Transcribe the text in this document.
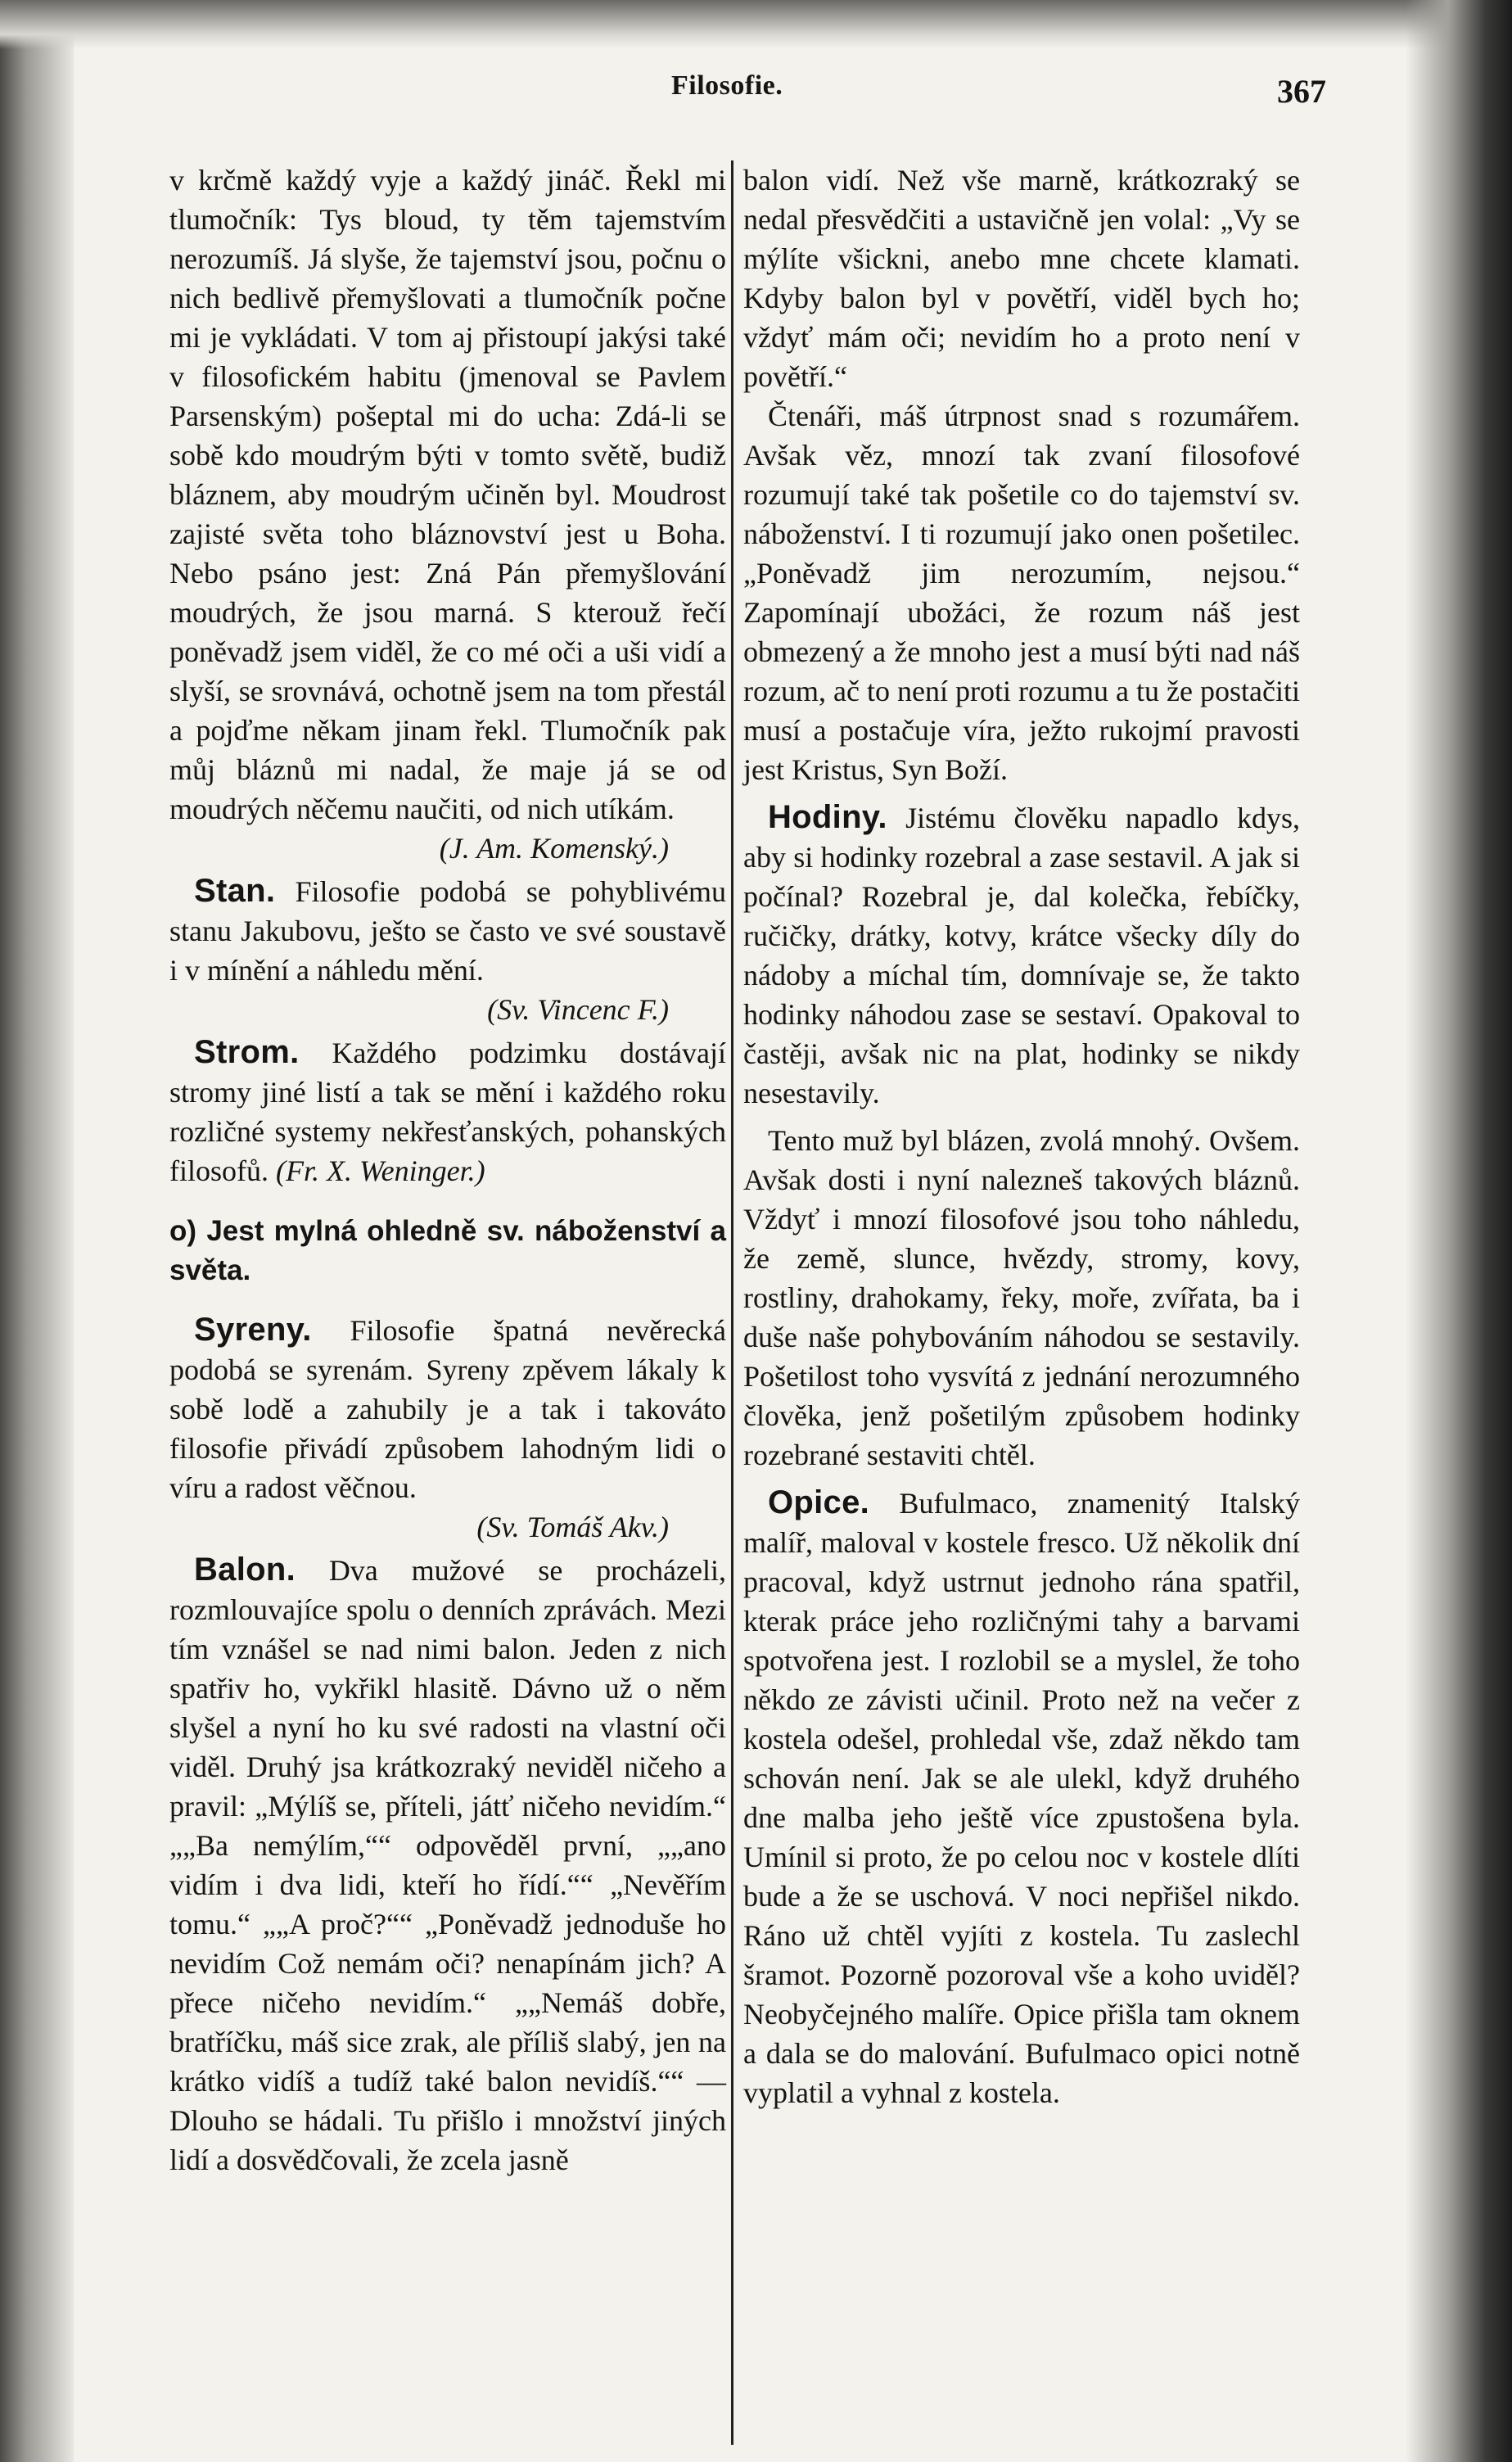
Filosofie.	367

v krčmě každý vyje a každý jináč. Řekl mi tlumočník: Tys bloud, ty těm tajemstvím nerozumíš. Já slyše, že tajemství jsou, počnu o nich bedlivě přemyšlovati a tlumočník počne mi je vykládati. V tom aj přistoupí jakýsi také v filosofickém habitu (jmenoval se Pavlem Parsenským) pošeptal mi do ucha: Zdá-li se sobě kdo moudrým býti v tomto světě, budiž bláznem, aby moudrým učiněn byl. Moudrost zajisté světa toho bláznovství jest u Boha. Nebo psáno jest: Zná Pán přemyšlování moudrých, že jsou marná. S kterouž řečí poněvadž jsem viděl, že co mé oči a uši vidí a slyší, se srovnává, ochotně jsem na tom přestál a pojďme někam jinam řekl. Tlumočník pak můj bláznů mi nadal, že maje já se od moudrých něčemu naučiti, od nich utíkám.

(J. Am. Komenský.)

Stan. Filosofie podobá se pohyblivému stanu Jakubovu, ješto se často ve své soustavě i v mínění a náhledu mění.

(Sv. Vincenc F.)

Strom. Každého podzimku dostávají stromy jiné listí a tak se mění i každého roku rozličné systemy nekřesťanských, pohanských filosofů. (Fr. X. Weninger.)

o) Jest mylná ohledně sv. náboženství a světa.

Syreny. Filosofie špatná nevěrecká podobá se syrenám. Syreny zpěvem lákaly k sobě lodě a zahubily je a tak i takováto filosofie přivádí způsobem lahodným lidi o víru a radost věčnou.

(Sv. Tomáš Akv.)

Balon. Dva mužové se procházeli, rozmlouvajíce spolu o denních zprávách. Mezi tím vznášel se nad nimi balon. Jeden z nich spatřiv ho, vykřikl hlasitě. Dávno už o něm slyšel a nyní ho ku své radosti na vlastní oči viděl. Druhý jsa krátkozraký neviděl ničeho a pravil: „Mýlíš se, příteli, játť ničeho nevidím.“ „„Ba nemýlím,““ odpověděl první, „„ano vidím i dva lidi, kteří ho řídí.““ „Nevěřím tomu.“ „„A proč?““ „Poněvadž jednoduše ho nevidím Což nemám oči? nenapínám jich? A přece ničeho nevidím.“ „„Nemáš dobře, bratříčku, máš sice zrak, ale příliš slabý, jen na krátko vidíš a tudíž také balon nevidíš.““ — Dlouho se hádali. Tu přišlo i množství jiných lidí a dosvědčovali, že zcela jasně

balon vidí. Než vše marně, krátkozraký se nedal přesvědčiti a ustavičně jen volal: „Vy se mýlíte všickni, anebo mne chcete klamati. Kdyby balon byl v povětří, viděl bych ho; vždyť mám oči; nevidím ho a proto není v povětří.“

Čtenáři, máš útrpnost snad s rozumářem. Avšak věz, mnozí tak zvaní filosofové rozumují také tak pošetile co do tajemství sv. náboženství. I ti rozumují jako onen pošetilec. „Poněvadž jim nerozumím, nejsou.“ Zapomínají ubožáci, že rozum náš jest obmezený a že mnoho jest a musí býti nad náš rozum, ač to není proti rozumu a tu že postačiti musí a postačuje víra, ježto rukojmí pravosti jest Kristus, Syn Boží.

Hodiny. Jistému člověku napadlo kdys, aby si hodinky rozebral a zase sestavil. A jak si počínal? Rozebral je, dal kolečka, řebíčky, ručičky, drátky, kotvy, krátce všecky díly do nádoby a míchal tím, domnívaje se, že takto hodinky náhodou zase se sestaví. Opakoval to častěji, avšak nic na plat, hodinky se nikdy nesestavily.

Tento muž byl blázen, zvolá mnohý. Ovšem. Avšak dosti i nyní nalezneš takových bláznů. Vždyť i mnozí filosofové jsou toho náhledu, že země, slunce, hvězdy, stromy, kovy, rostliny, drahokamy, řeky, moře, zvířata, ba i duše naše pohybováním náhodou se sestavily. Pošetilost toho vysvítá z jednání nerozumného člověka, jenž pošetilým způsobem hodinky rozebrané sestaviti chtěl.

Opice. Bufulmaco, znamenitý Italský malíř, maloval v kostele fresco. Už několik dní pracoval, když ustrnut jednoho rána spatřil, kterak práce jeho rozličnými tahy a barvami spotvořena jest. I rozlobil se a myslel, že toho někdo ze závisti učinil. Proto než na večer z kostela odešel, prohledal vše, zdaž někdo tam schován není. Jak se ale ulekl, když druhého dne malba jeho ještě více zpustošena byla. Umínil si proto, že po celou noc v kostele dlíti bude a že se uschová. V noci nepřišel nikdo. Ráno už chtěl vyjíti z kostela. Tu zaslechl šramot. Pozorně pozoroval vše a koho uviděl? Neobyčejného malíře. Opice přišla tam oknem a dala se do malování. Bufulmaco opici notně vyplatil a vyhnal z kostela.
